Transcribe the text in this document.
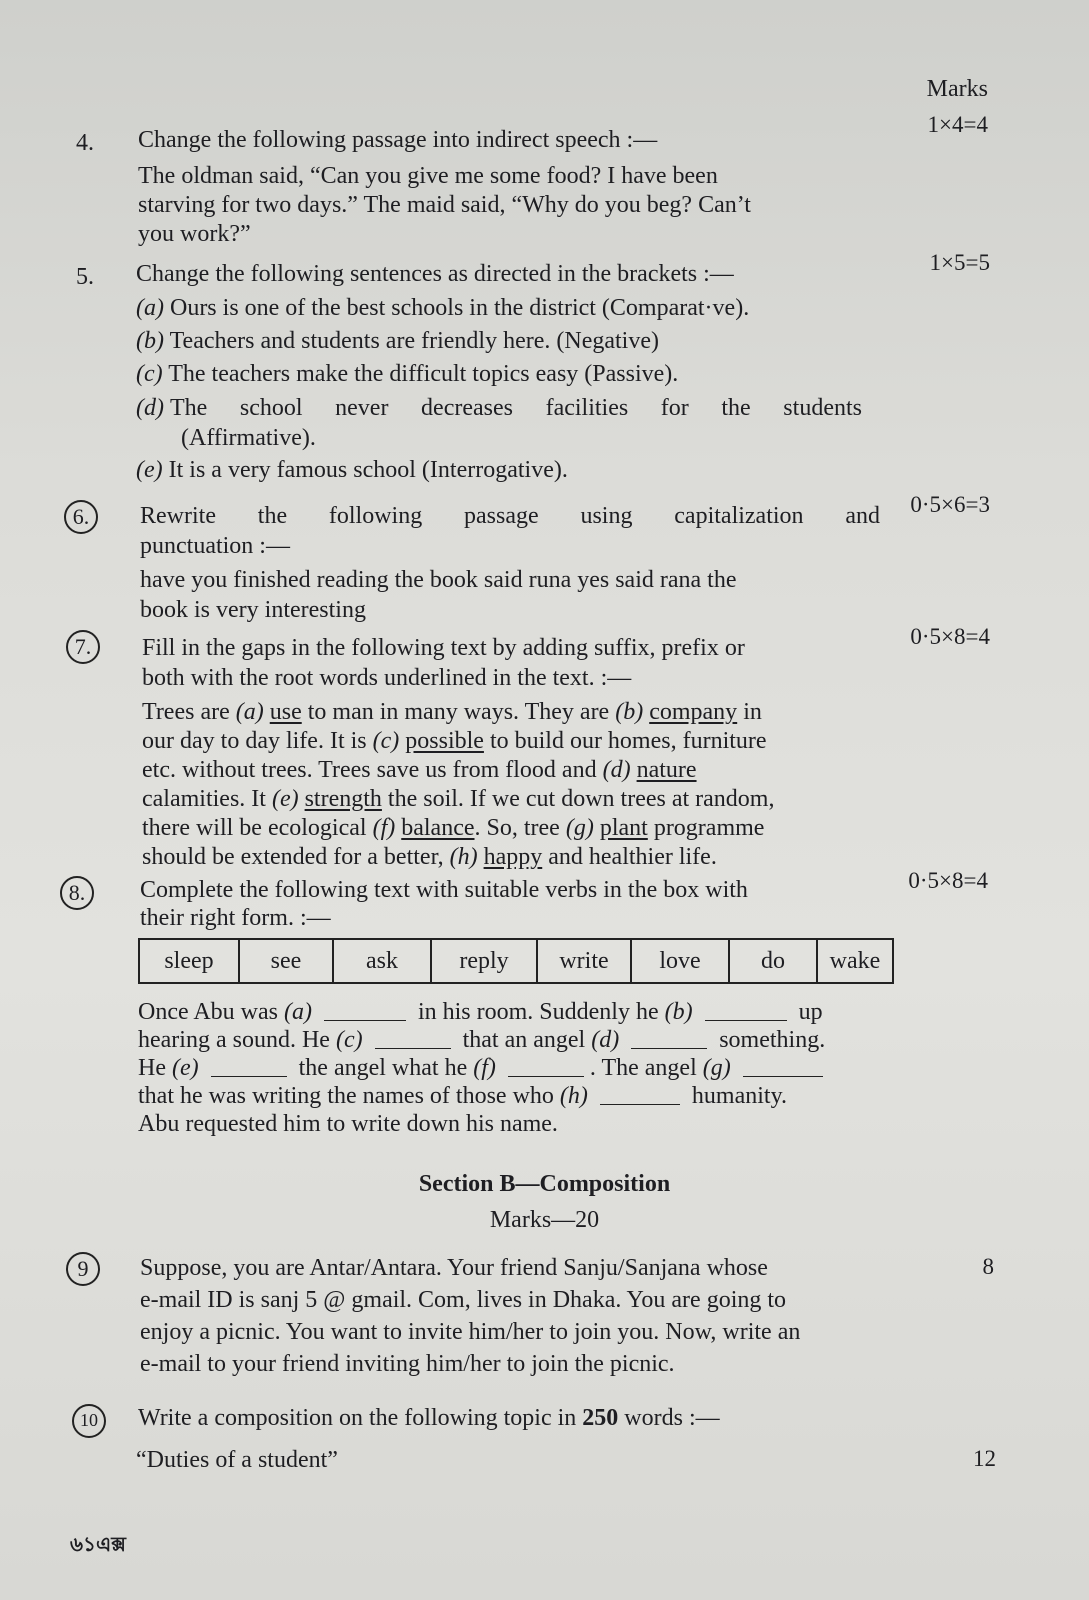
Marks
4. Change the following passage into indirect speech :—
1×4=4
The oldman said, “Can you give me some food? I have been
starving for two days.” The maid said, “Why do you beg? Can’t
you work?”
5. Change the following sentences as directed in the brackets :—	1×5=5
(a) Ours is one of the best schools in the district (Comparat·ve).
(b) Teachers and students are friendly here. (Negative)
(c) The teachers make the difficult topics easy (Passive).
(d) The school never decreases facilities for the students
(Affirmative).
(e) It is a very famous school (Interrogative).
6. Rewrite the following passage using capitalization and	0·5×6=3
punctuation :—
have you finished reading the book said runa yes said rana the
book is very interesting
7. Fill in the gaps in the following text by adding suffix, prefix or	0·5×8=4
both with the root words underlined in the text. :—
Trees are (a) use to man in many ways. They are (b) company in
our day to day life. It is (c) possible to build our homes, furniture
etc. without trees. Trees save us from flood and (d) nature
calamities. It (e) strength the soil. If we cut down trees at random,
there will be ecological (f) balance. So, tree (g) plant programme
should be extended for a better, (h) happy and healthier life.
8. Complete the following text with suitable verbs in the box with	0·5×8=4
their right form. :—
sleep	see	ask	reply	write	love	do	wake
Once Abu was (a)	in his room. Suddenly he (b)	up
hearing a sound. He (c)	that an angel (d)	something.
He (e)	the angel what he (f)	. The angel (g)
that he was writing the names of those who (h)	humanity.
Abu requested him to write down his name.
Section B—Composition
Marks—20
9	8
Suppose, you are Antar/Antara. Your friend Sanju/Sanjana whose
e-mail ID is sanj 5 @ gmail. Com, lives in Dhaka. You are going to
enjoy a picnic. You want to invite him/her to join you. Now, write an
e-mail to your friend inviting him/her to join the picnic.
10 Write a composition on the following topic in 250 words :—
“Duties of a student”	12
৬১এক্স
